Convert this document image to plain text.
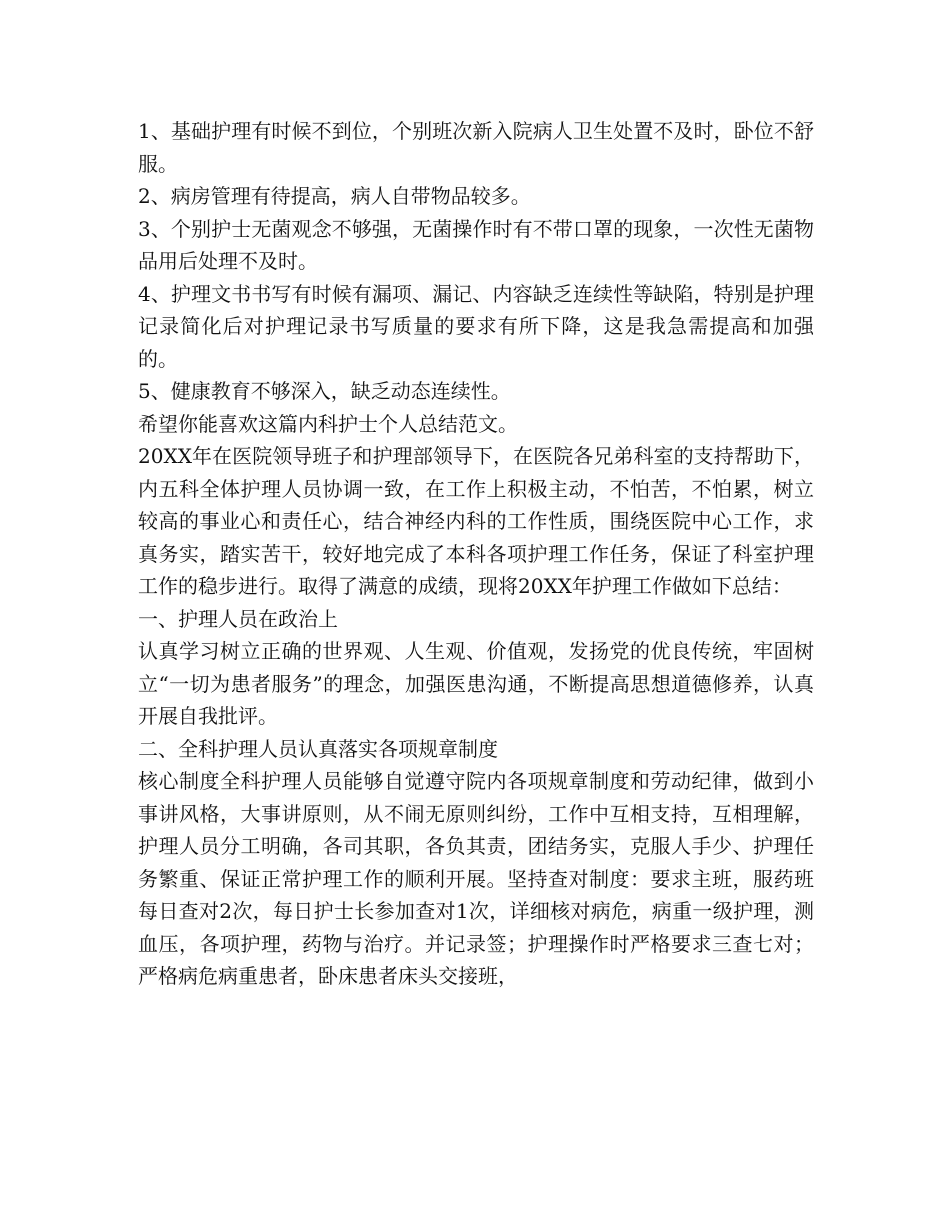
1、基础护理有时候不到位，个别班次新入院病人卫生处置不及时，卧位不舒服。

2、病房管理有待提高，病人自带物品较多。

3、个别护士无菌观念不够强，无菌操作时有不带口罩的现象，一次性无菌物品用后处理不及时。

4、护理文书书写有时候有漏项、漏记、内容缺乏连续性等缺陷，特别是护理记录简化后对护理记录书写质量的要求有所下降，这是我急需提高和加强的。

5、健康教育不够深入，缺乏动态连续性。

希望你能喜欢这篇内科护士个人总结范文。

20XX年在医院领导班子和护理部领导下，在医院各兄弟科室的支持帮助下，内五科全体护理人员协调一致，在工作上积极主动，不怕苦，不怕累，树立较高的事业心和责任心，结合神经内科的工作性质，围绕医院中心工作，求真务实，踏实苦干，较好地完成了本科各项护理工作任务，保证了科室护理工作的稳步进行。取得了满意的成绩，现将20XX年护理工作做如下总结：

一、护理人员在政治上

认真学习树立正确的世界观、人生观、价值观，发扬党的优良传统，牢固树立“一切为患者服务”的理念，加强医患沟通，不断提高思想道德修养，认真开展自我批评。

二、全科护理人员认真落实各项规章制度

核心制度全科护理人员能够自觉遵守院内各项规章制度和劳动纪律，做到小事讲风格，大事讲原则，从不闹无原则纠纷，工作中互相支持，互相理解，护理人员分工明确，各司其职，各负其责，团结务实，克服人手少、护理任务繁重、保证正常护理工作的顺利开展。坚持查对制度：要求主班，服药班每日查对2次，每日护士长参加查对1次，详细核对病危，病重一级护理，测血压，各项护理，药物与治疗。并记录签；护理操作时严格要求三查七对；严格病危病重患者，卧床患者床头交接班，
